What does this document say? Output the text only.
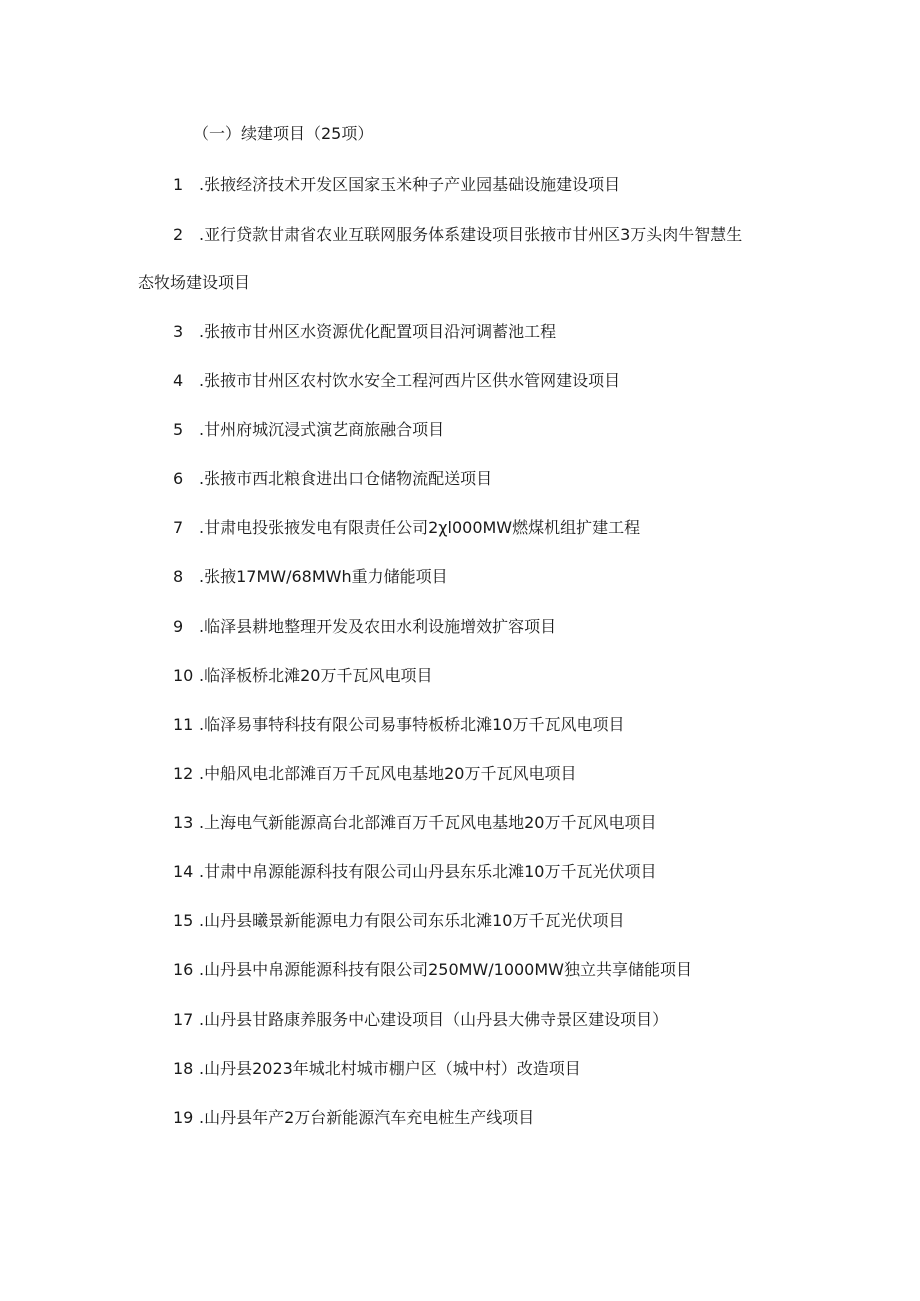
（一）续建项目（25项）
1 .张掖经济技术开发区国家玉米种子产业园基础设施建设项目
2 .亚行贷款甘肃省农业互联网服务体系建设项目张掖市甘州区3万头肉牛智慧生
态牧场建设项目
3 .张掖市甘州区水资源优化配置项目沿河调蓄池工程
4 .张掖市甘州区农村饮水安全工程河西片区供水管网建设项目
5 .甘州府城沉浸式演艺商旅融合项目
6 .张掖市西北粮食进出口仓储物流配送项目
7 .甘肃电投张掖发电有限责任公司2χl000MW燃煤机组扩建工程
8 .张掖17MW/68MWh重力储能项目
9 .临泽县耕地整理开发及农田水利设施增效扩容项目
10 .临泽板桥北滩20万千瓦风电项目
11 .临泽易事特科技有限公司易事特板桥北滩10万千瓦风电项目
12 .中船风电北部滩百万千瓦风电基地20万千瓦风电项目
13 .上海电气新能源高台北部滩百万千瓦风电基地20万千瓦风电项目
14 .甘肃中帛源能源科技有限公司山丹县东乐北滩10万千瓦光伏项目
15 .山丹县曦景新能源电力有限公司东乐北滩10万千瓦光伏项目
16 .山丹县中帛源能源科技有限公司250MW/1000MW独立共享储能项目
17 .山丹县甘路康养服务中心建设项目（山丹县大佛寺景区建设项目）
18 .山丹县2023年城北村城市棚户区（城中村）改造项目
19 .山丹县年产2万台新能源汽车充电桩生产线项目
